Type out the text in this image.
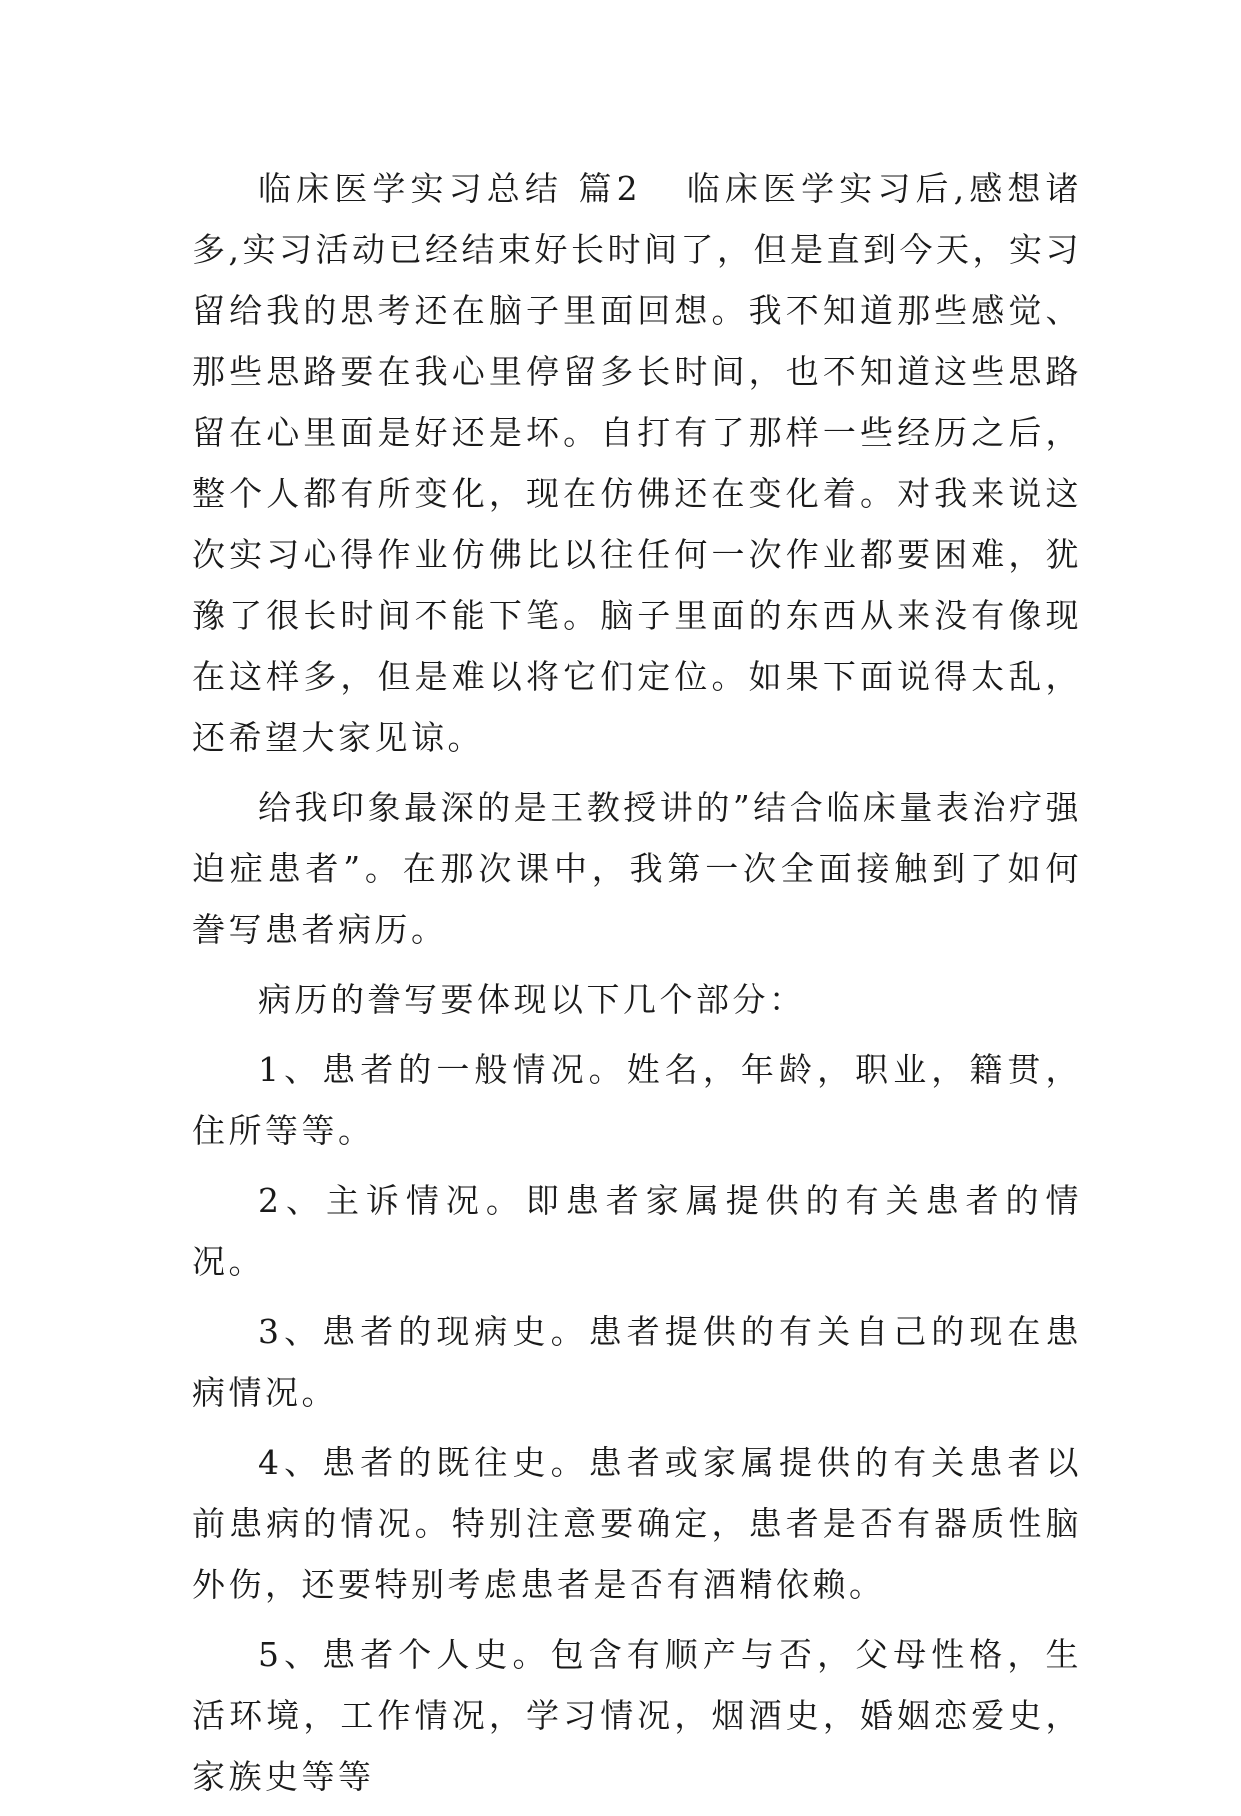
临床医学实习总结 篇2 临床医学实习后,感想诸多,实习活动已经结束好长时间了，但是直到今天，实习留给我的思考还在脑子里面回想。我不知道那些感觉、那些思路要在我心里停留多长时间，也不知道这些思路留在心里面是好还是坏。自打有了那样一些经历之后，整个人都有所变化，现在仿佛还在变化着。对我来说这次实习心得作业仿佛比以往任何一次作业都要困难，犹豫了很长时间不能下笔。脑子里面的东西从来没有像现在这样多，但是难以将它们定位。如果下面说得太乱，还希望大家见谅。

给我印象最深的是王教授讲的”结合临床量表治疗强迫症患者”。在那次课中，我第一次全面接触到了如何誊写患者病历。

病历的誊写要体现以下几个部分：

1、患者的一般情况。姓名，年龄，职业，籍贯，住所等等。

2、主诉情况。即患者家属提供的有关患者的情况。

3、患者的现病史。患者提供的有关自己的现在患病情况。

4、患者的既往史。患者或家属提供的有关患者以前患病的情况。特别注意要确定，患者是否有器质性脑外伤，还要特别考虑患者是否有酒精依赖。

5、患者个人史。包含有顺产与否，父母性格，生活环境，工作情况，学习情况，烟酒史，婚姻恋爱史，家族史等等
